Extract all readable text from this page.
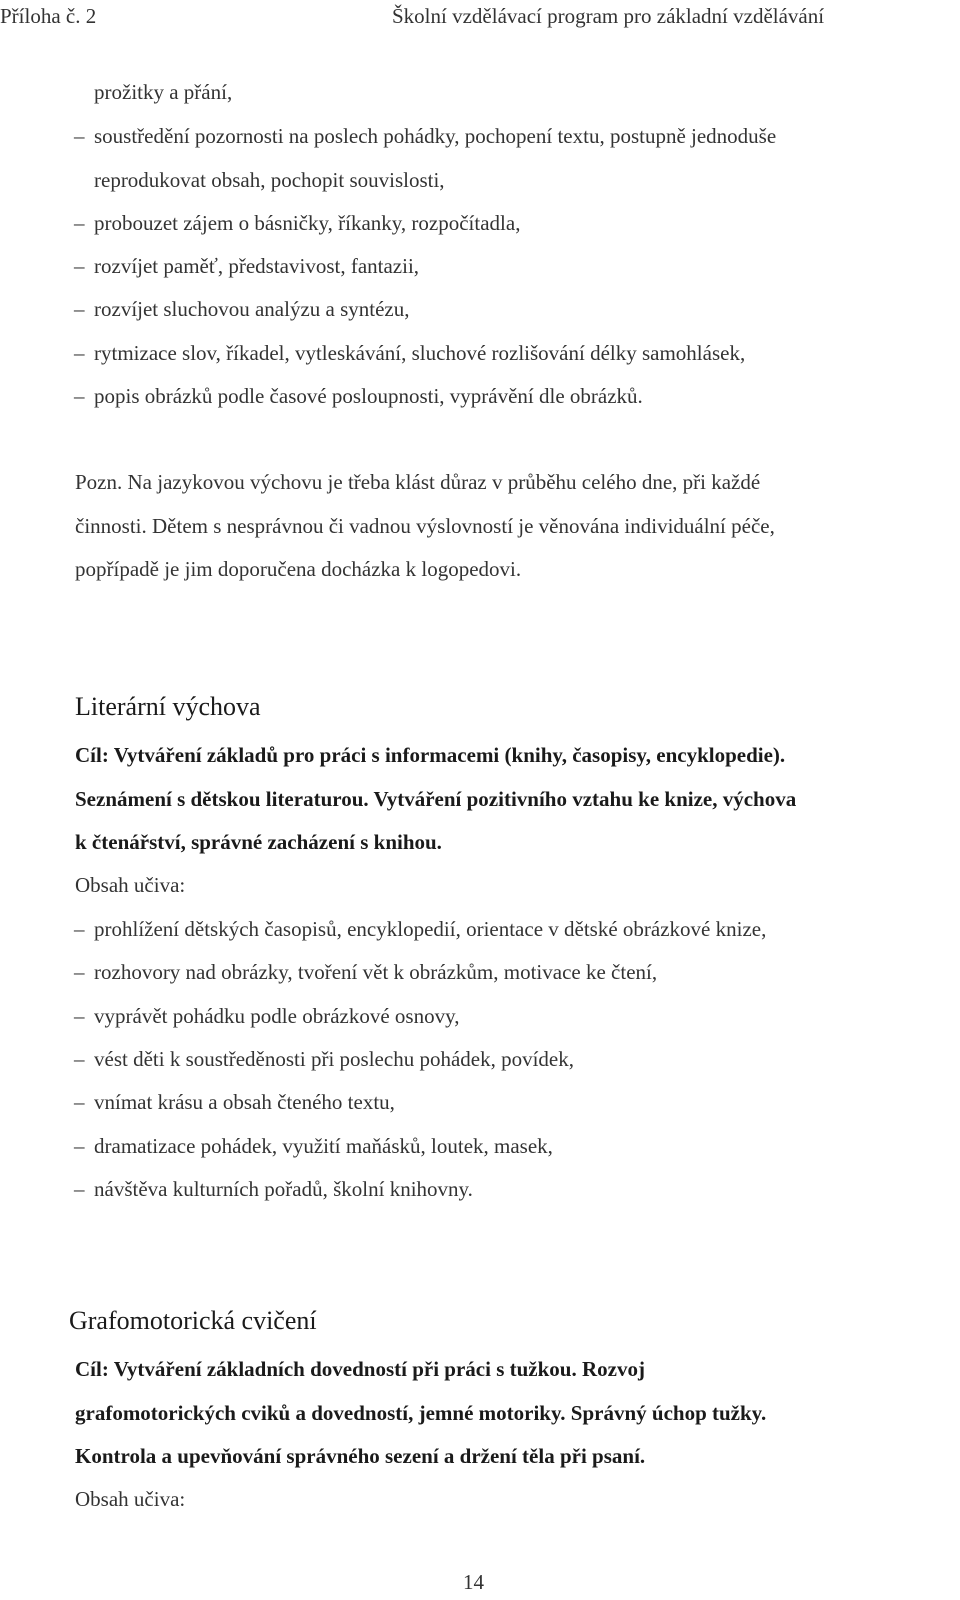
Příloha č. 2	Školní vzdělávací program pro základní vzdělávání
prožitky a přání,
– soustředění pozornosti na poslech pohádky, pochopení textu, postupně jednoduše
reprodukovat obsah, pochopit souvislosti,
– probouzet zájem o básničky, říkanky, rozpočítadla,
– rozvíjet paměť, představivost, fantazii,
– rozvíjet sluchovou analýzu a syntézu,
– rytmizace slov, říkadel, vytleskávání, sluchové rozlišování délky samohlásek,
– popis obrázků podle časové posloupnosti, vyprávění dle obrázků.
Pozn. Na jazykovou výchovu je třeba klást důraz v průběhu celého dne, při každé
činnosti. Dětem s nesprávnou či vadnou výslovností je věnována individuální péče,
popřípadě je jim doporučena docházka k logopedovi.
Literární výchova
Cíl: Vytváření základů pro práci s informacemi (knihy, časopisy, encyklopedie).
Seznámení s dětskou literaturou. Vytváření pozitivního vztahu ke knize, výchova
k čtenářství, správné zacházení s knihou.
Obsah učiva:
– prohlížení dětských časopisů, encyklopedií, orientace v dětské obrázkové knize,
– rozhovory nad obrázky, tvoření vět k obrázkům, motivace ke čtení,
– vyprávět pohádku podle obrázkové osnovy,
– vést děti k soustředěnosti při poslechu pohádek, povídek,
– vnímat krásu a obsah čteného textu,
– dramatizace pohádek, využití maňásků, loutek, masek,
– návštěva kulturních pořadů, školní knihovny.
Grafomotorická cvičení
Cíl: Vytváření základních dovedností při práci s tužkou. Rozvoj
grafomotorických cviků a dovedností, jemné motoriky. Správný úchop tužky.
Kontrola a upevňování správného sezení a držení těla při psaní.
Obsah učiva:
14
